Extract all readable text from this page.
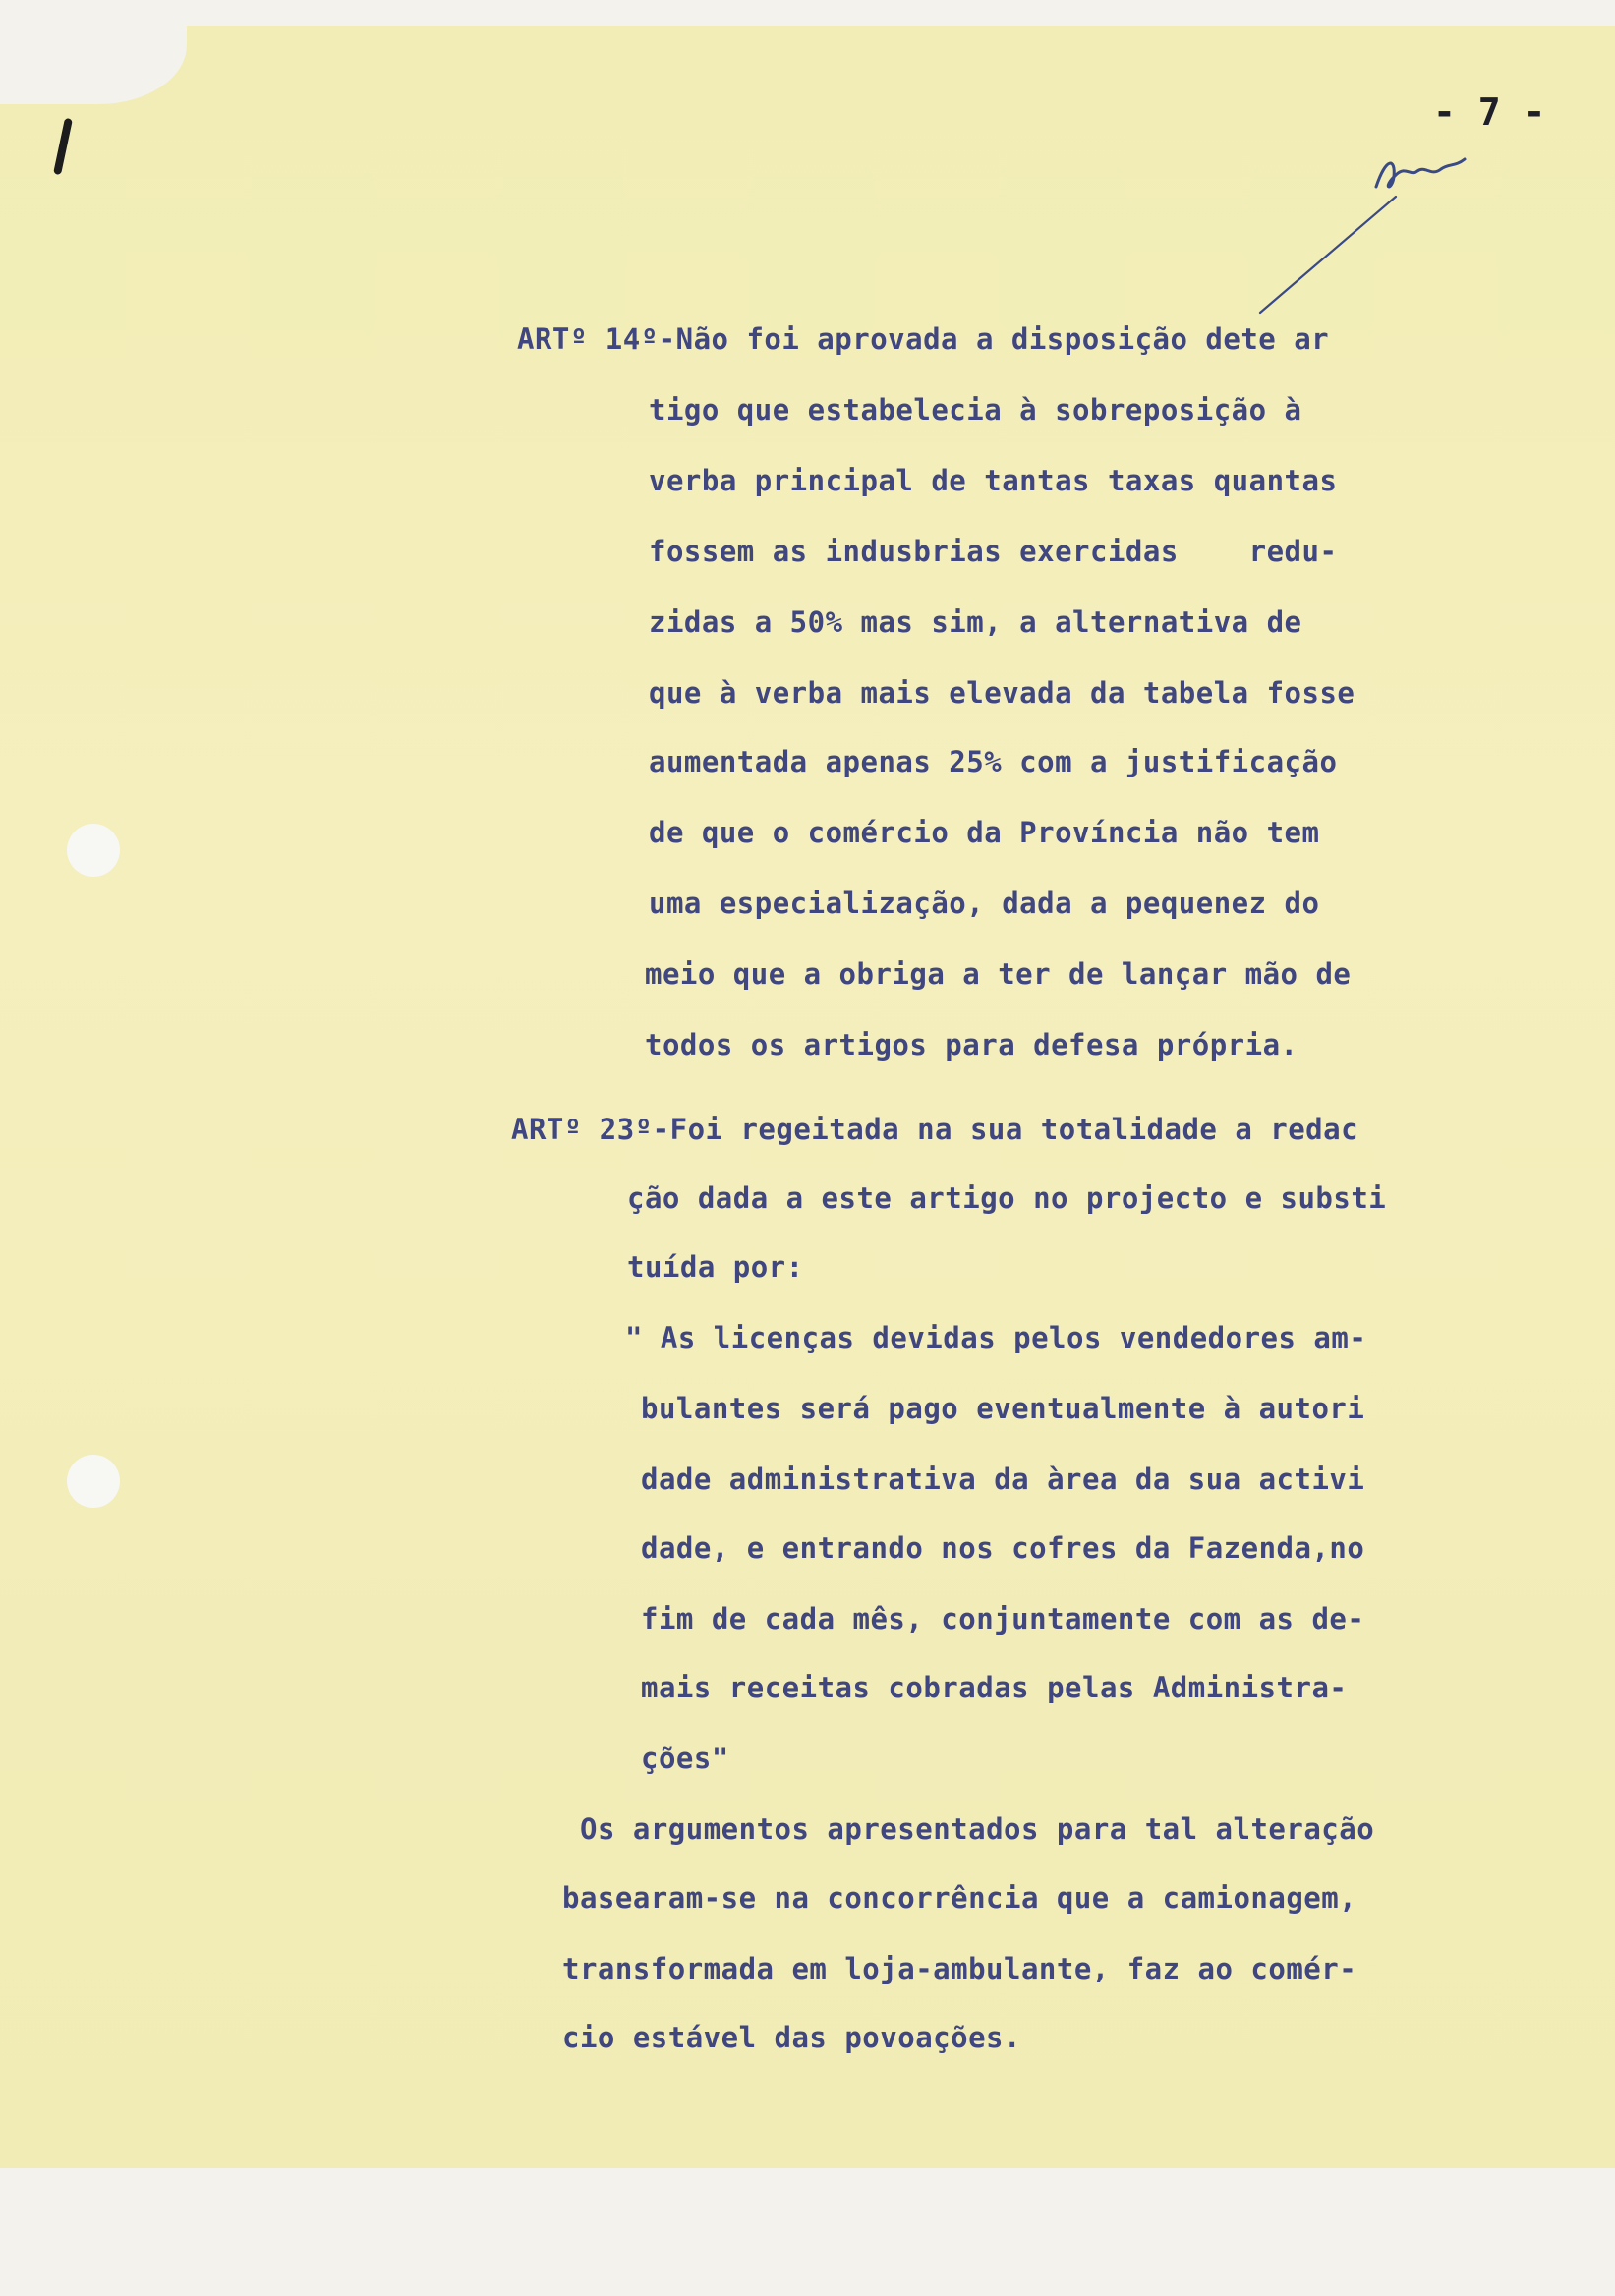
- 7 -
ARTº 14º-Não foi aprovada a disposição dete ar
tigo que estabelecia à sobreposição à
verba principal de tantas taxas quantas
fossem as indusbrias exercidas    redu-
zidas a 50% mas sim, a alternativa de
que à verba mais elevada da tabela fosse
aumentada apenas 25% com a justificação
de que o comércio da Província não tem
uma especialização, dada a pequenez do
meio que a obriga a ter de lançar mão de
todos os artigos para defesa própria.
ARTº 23º-Foi regeitada na sua totalidade a redac
ção dada a este artigo no projecto e substi
tuída por:
" As licenças devidas pelos vendedores am-
bulantes será pago eventualmente à autori
dade administrativa da àrea da sua activi
dade, e entrando nos cofres da Fazenda,no
fim de cada mês, conjuntamente com as de-
mais receitas cobradas pelas Administra-
ções"
Os argumentos apresentados para tal alteração
basearam-se na concorrência que a camionagem,
transformada em loja-ambulante, faz ao comér-
cio estável das povoações.
